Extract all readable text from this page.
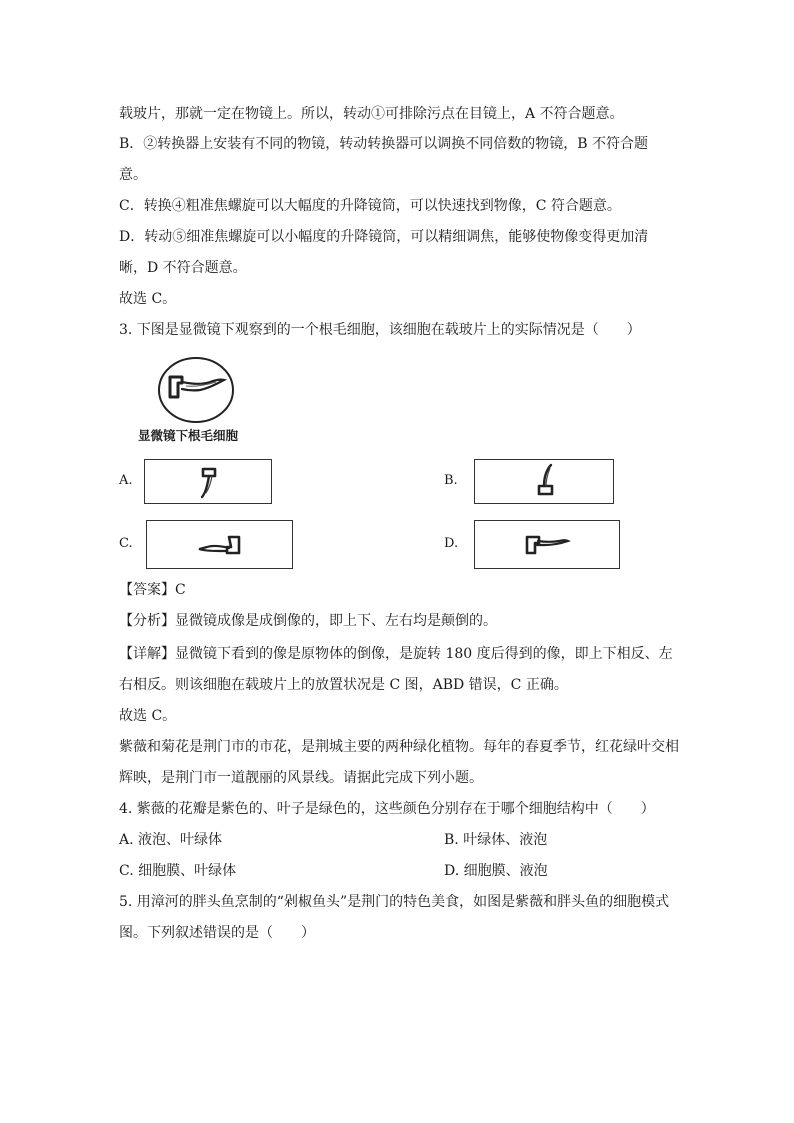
载玻片，那就一定在物镜上。所以，转动①可排除污点在目镜上，A 不符合题意。
B．②转换器上安装有不同的物镜，转动转换器可以调换不同倍数的物镜，B 不符合题
意。
C．转换④粗准焦螺旋可以大幅度的升降镜筒，可以快速找到物像，C 符合题意。
D．转动⑤细准焦螺旋可以小幅度的升降镜筒，可以精细调焦，能够使物像变得更加清
晰，D 不符合题意。
故选 C。
3. 下图是显微镜下观察到的一个根毛细胞，该细胞在载玻片上的实际情况是（　　）
显微镜下根毛细胞
A.	B.
C.	D.
【答案】C
【分析】显微镜成像是成倒像的，即上下、左右均是颠倒的。
【详解】显微镜下看到的像是原物体的倒像，是旋转 180 度后得到的像，即上下相反、左
右相反。则该细胞在载玻片上的放置状况是 C 图，ABD 错误，C 正确。
故选 C。
紫薇和菊花是荆门市的市花，是荆城主要的两种绿化植物。每年的春夏季节，红花绿叶交相
辉映，是荆门市一道靓丽的风景线。请据此完成下列小题。
4. 紫薇的花瓣是紫色的、叶子是绿色的，这些颜色分别存在于哪个细胞结构中（　　）
A. 液泡、叶绿体	B. 叶绿体、液泡
C. 细胞膜、叶绿体	D. 细胞膜、液泡
5. 用漳河的胖头鱼烹制的“剁椒鱼头”是荆门的特色美食，如图是紫薇和胖头鱼的细胞模式
图。下列叙述错误的是（　　）
